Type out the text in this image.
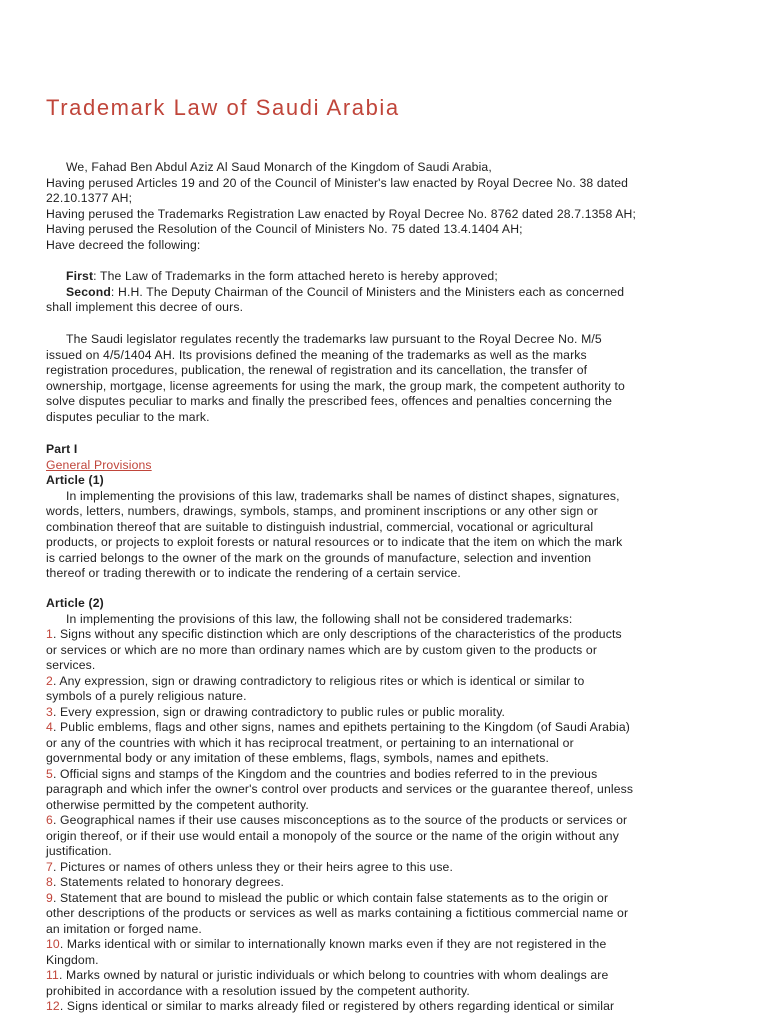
Trademark Law of Saudi Arabia
We, Fahad Ben Abdul Aziz Al Saud Monarch of the Kingdom of Saudi Arabia,
Having perused Articles 19 and 20 of the Council of Minister's law enacted by Royal Decree No. 38 dated
22.10.1377 AH;
Having perused the Trademarks Registration Law enacted by Royal Decree No. 8762 dated 28.7.1358 AH;
Having perused the Resolution of the Council of Ministers No. 75 dated 13.4.1404 AH;
Have decreed the following:
First: The Law of Trademarks in the form attached hereto is hereby approved;
Second: H.H. The Deputy Chairman of the Council of Ministers and the Ministers each as concerned
shall implement this decree of ours.
The Saudi legislator regulates recently the trademarks law pursuant to the Royal Decree No. M/5
issued on 4/5/1404 AH. Its provisions defined the meaning of the trademarks as well as the marks
registration procedures, publication, the renewal of registration and its cancellation, the transfer of
ownership, mortgage, license agreements for using the mark, the group mark, the competent authority to
solve disputes peculiar to marks and finally the prescribed fees, offences and penalties concerning the
disputes peculiar to the mark.
Part I
General Provisions
Article (1)
In implementing the provisions of this law, trademarks shall be names of distinct shapes, signatures,
words, letters, numbers, drawings, symbols, stamps, and prominent inscriptions or any other sign or
combination thereof that are suitable to distinguish industrial, commercial, vocational or agricultural
products, or projects to exploit forests or natural resources or to indicate that the item on which the mark
is carried belongs to the owner of the mark on the grounds of manufacture, selection and invention
thereof or trading therewith or to indicate the rendering of a certain service.
Article (2)
In implementing the provisions of this law, the following shall not be considered trademarks:
1. Signs without any specific distinction which are only descriptions of the characteristics of the products
or services or which are no more than ordinary names which are by custom given to the products or
services.
2. Any expression, sign or drawing contradictory to religious rites or which is identical or similar to
symbols of a purely religious nature.
3. Every expression, sign or drawing contradictory to public rules or public morality.
4. Public emblems, flags and other signs, names and epithets pertaining to the Kingdom (of Saudi Arabia)
or any of the countries with which it has reciprocal treatment, or pertaining to an international or
governmental body or any imitation of these emblems, flags, symbols, names and epithets.
5. Official signs and stamps of the Kingdom and the countries and bodies referred to in the previous
paragraph and which infer the owner's control over products and services or the guarantee thereof, unless
otherwise permitted by the competent authority.
6. Geographical names if their use causes misconceptions as to the source of the products or services or
origin thereof, or if their use would entail a monopoly of the source or the name of the origin without any
justification.
7. Pictures or names of others unless they or their heirs agree to this use.
8. Statements related to honorary degrees.
9. Statement that are bound to mislead the public or which contain false statements as to the origin or
other descriptions of the products or services as well as marks containing a fictitious commercial name or
an imitation or forged name.
10. Marks identical with or similar to internationally known marks even if they are not registered in the
Kingdom.
11. Marks owned by natural or juristic individuals or which belong to countries with whom dealings are
prohibited in accordance with a resolution issued by the competent authority.
12. Signs identical or similar to marks already filed or registered by others regarding identical or similar
